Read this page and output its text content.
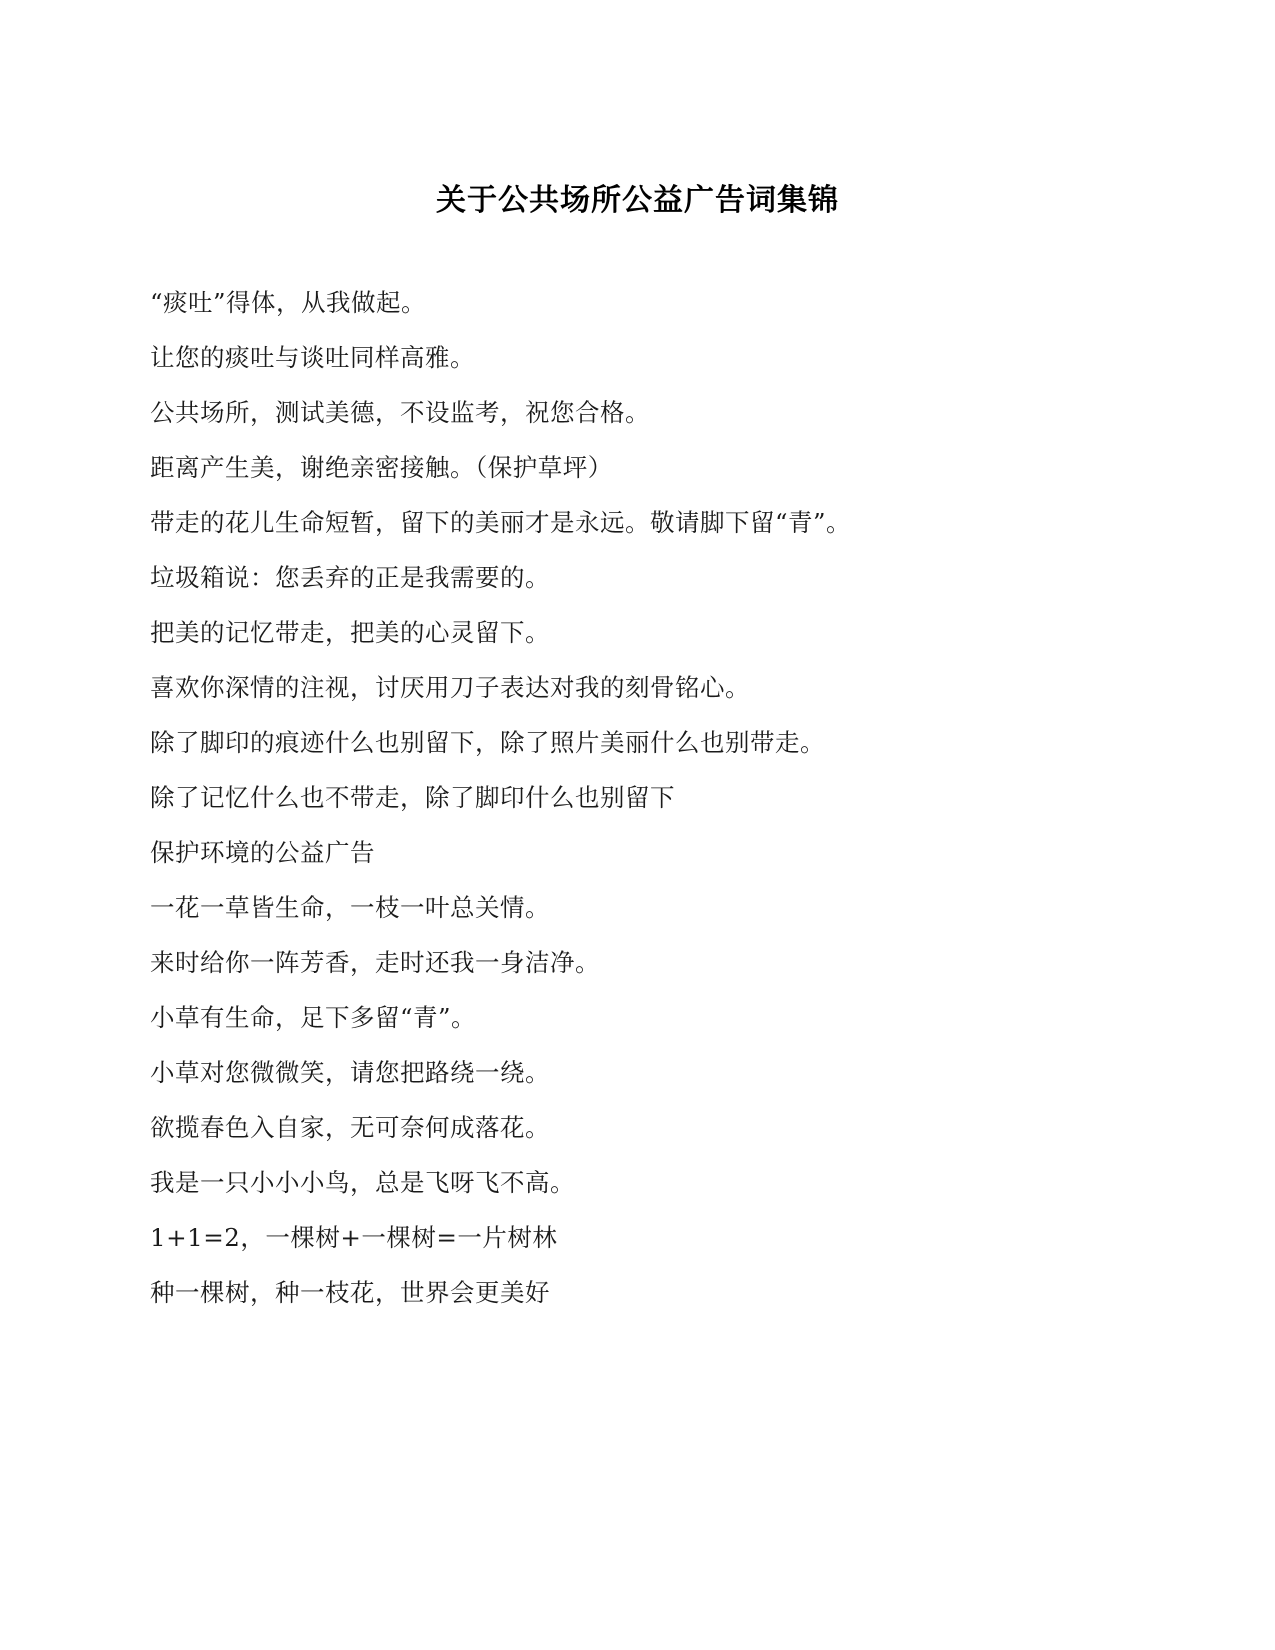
关于公共场所公益广告词集锦

“痰吐”得体，从我做起。

让您的痰吐与谈吐同样高雅。

公共场所，测试美德，不设监考，祝您合格。

距离产生美，谢绝亲密接触。（保护草坪）

带走的花儿生命短暂，留下的美丽才是永远。敬请脚下留“青”。

垃圾箱说：您丢弃的正是我需要的。

把美的记忆带走，把美的心灵留下。

喜欢你深情的注视，讨厌用刀子表达对我的刻骨铭心。

除了脚印的痕迹什么也别留下，除了照片美丽什么也别带走。

除了记忆什么也不带走，除了脚印什么也别留下

保护环境的公益广告

一花一草皆生命，一枝一叶总关情。

来时给你一阵芳香，走时还我一身洁净。

小草有生命，足下多留“青”。

小草对您微微笑，请您把路绕一绕。

欲揽春色入自家，无可奈何成落花。

我是一只小小小鸟，总是飞呀飞不高。

1+1=2，一棵树+一棵树=一片树林

种一棵树，种一枝花，世界会更美好
